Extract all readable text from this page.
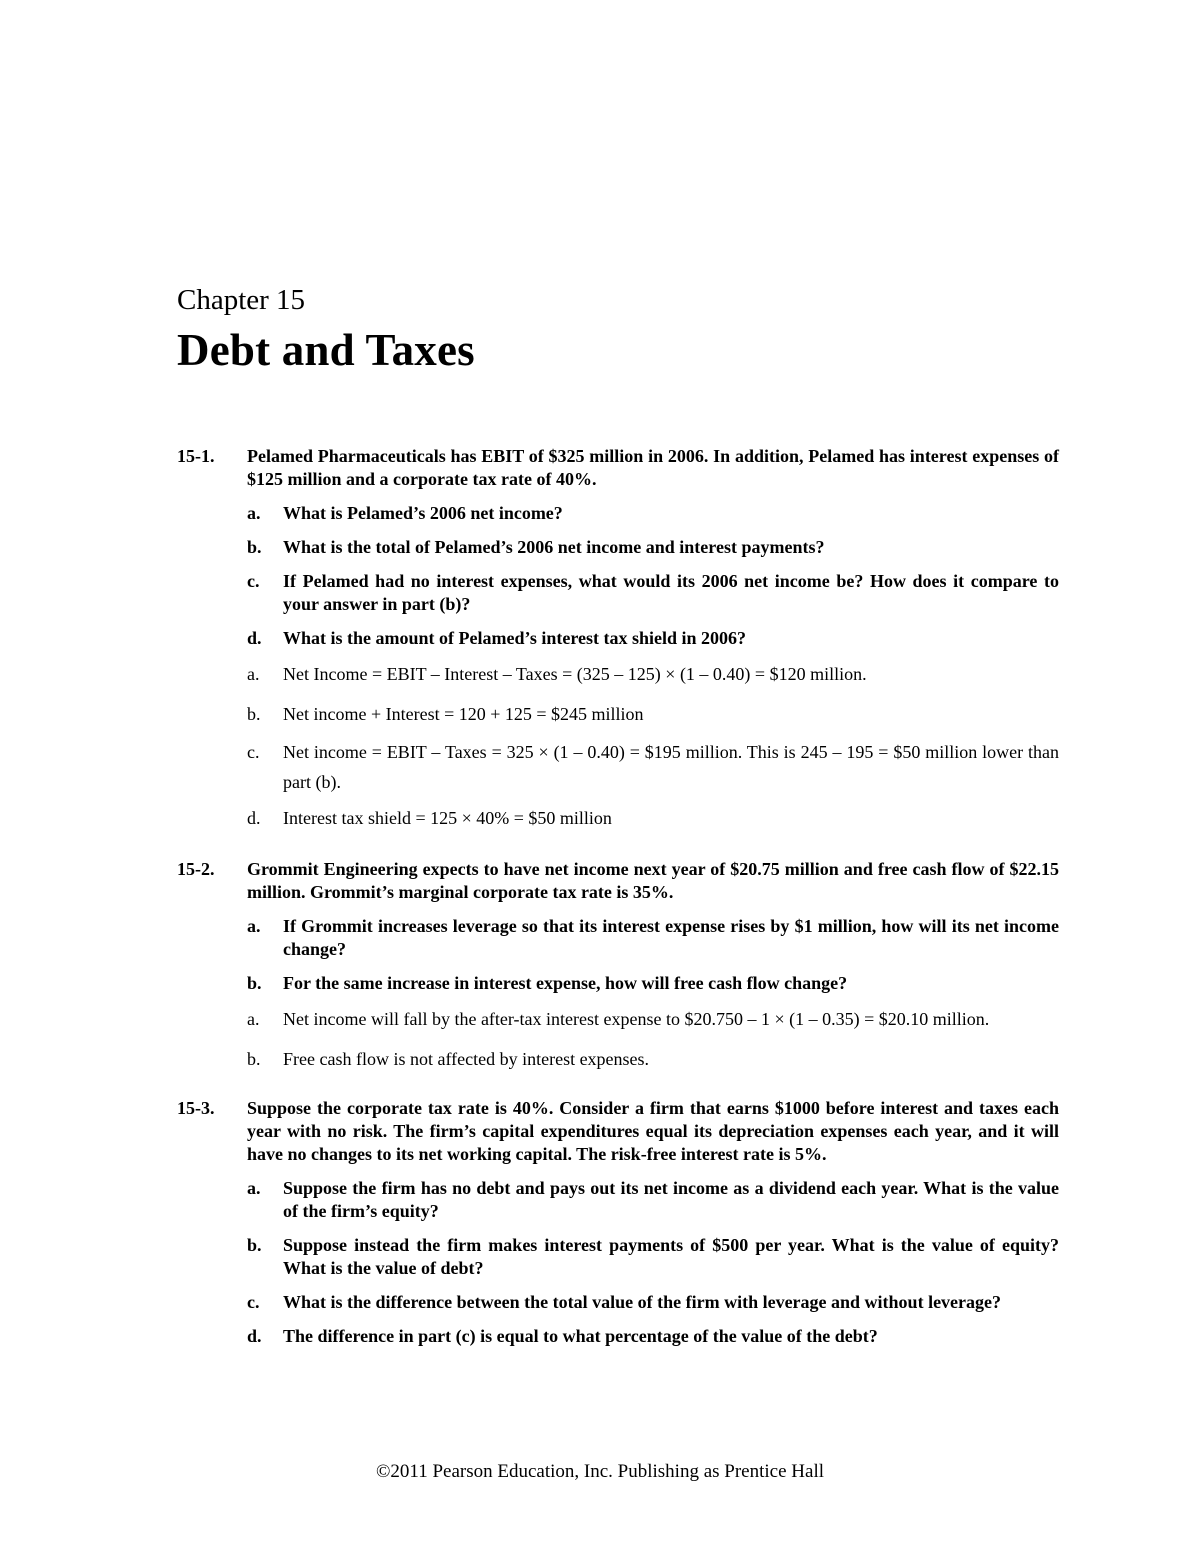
Chapter 15
Debt and Taxes
15-1.	Pelamed Pharmaceuticals has EBIT of $325 million in 2006. In addition, Pelamed has interest expenses of $125 million and a corporate tax rate of 40%.
a.	What is Pelamed’s 2006 net income?
b.	What is the total of Pelamed’s 2006 net income and interest payments?
c.	If Pelamed had no interest expenses, what would its 2006 net income be? How does it compare to your answer in part (b)?
d.	What is the amount of Pelamed’s interest tax shield in 2006?
a.	Net Income = EBIT – Interest – Taxes = (325 – 125) × (1 – 0.40) = $120 million.
b.	Net income + Interest = 120 + 125 = $245 million
c.	Net income = EBIT – Taxes = 325 × (1 – 0.40) = $195 million. This is 245 – 195 = $50 million lower than part (b).
d.	Interest tax shield = 125 × 40% = $50 million
15-2.	Grommit Engineering expects to have net income next year of $20.75 million and free cash flow of $22.15 million. Grommit’s marginal corporate tax rate is 35%.
a.	If Grommit increases leverage so that its interest expense rises by $1 million, how will its net income change?
b.	For the same increase in interest expense, how will free cash flow change?
a.	Net income will fall by the after-tax interest expense to $20.750 – 1 × (1 – 0.35) = $20.10 million.
b.	Free cash flow is not affected by interest expenses.
15-3.	Suppose the corporate tax rate is 40%. Consider a firm that earns $1000 before interest and taxes each year with no risk. The firm’s capital expenditures equal its depreciation expenses each year, and it will have no changes to its net working capital. The risk-free interest rate is 5%.
a.	Suppose the firm has no debt and pays out its net income as a dividend each year. What is the value of the firm’s equity?
b.	Suppose instead the firm makes interest payments of $500 per year. What is the value of equity? What is the value of debt?
c.	What is the difference between the total value of the firm with leverage and without leverage?
d.	The difference in part (c) is equal to what percentage of the value of the debt?
©2011 Pearson Education, Inc. Publishing as Prentice Hall
